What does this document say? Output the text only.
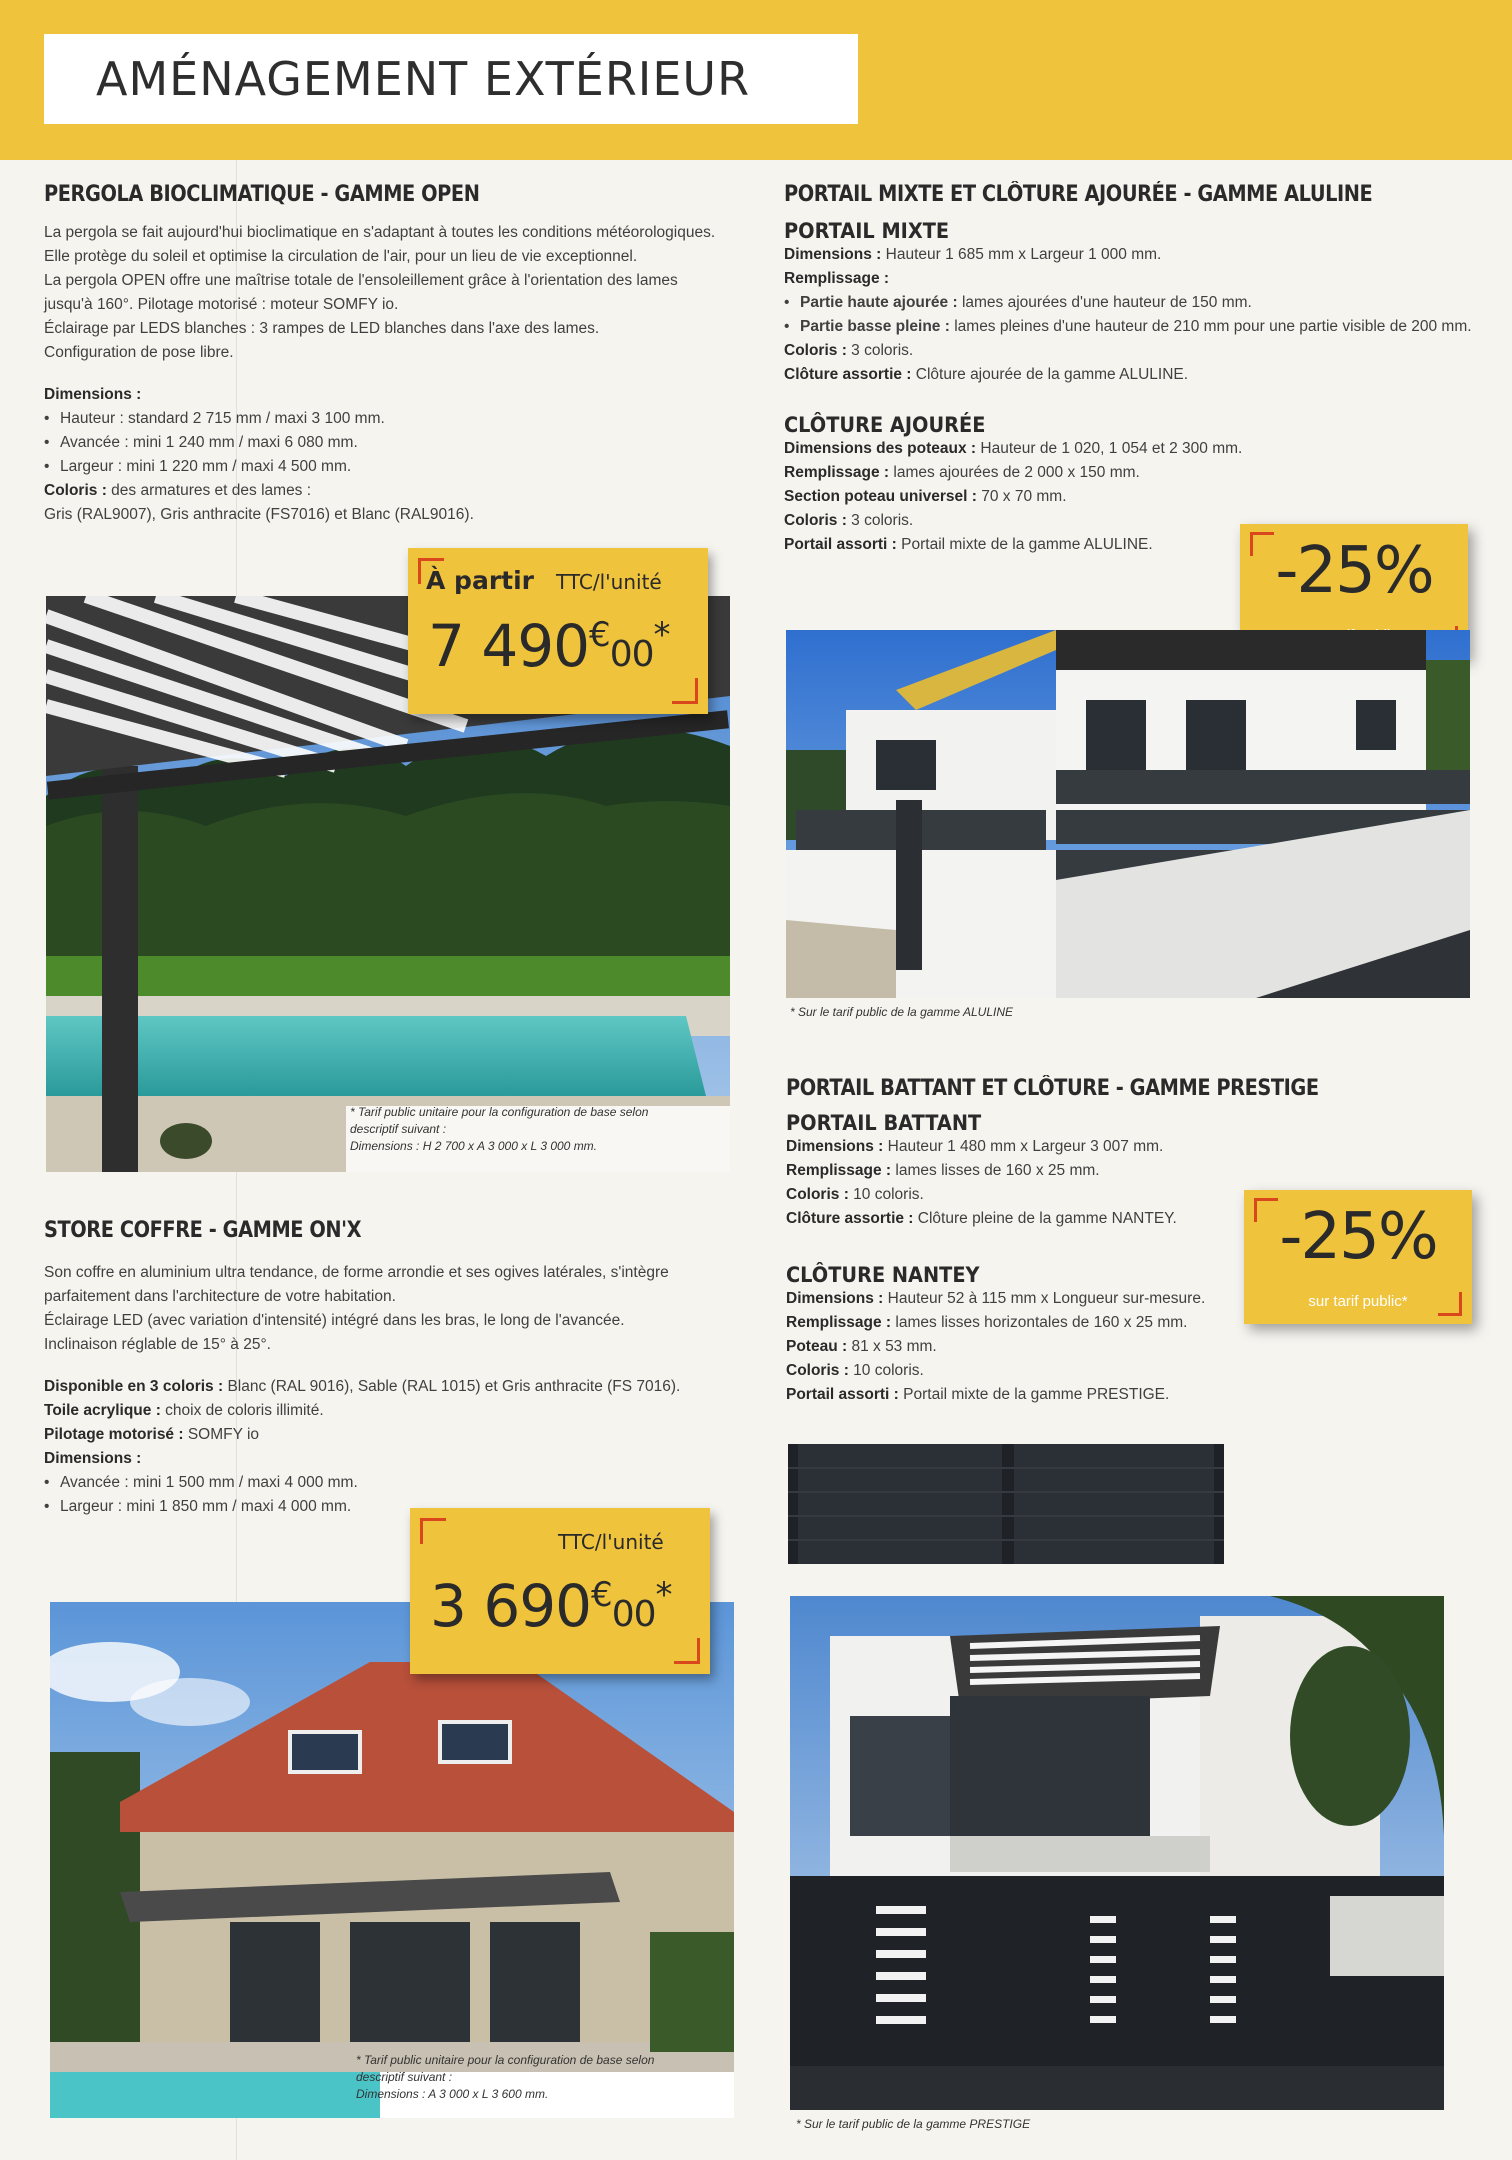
AMÉNAGEMENT EXTÉRIEUR
PERGOLA BIOCLIMATIQUE - GAMME OPEN
La pergola se fait aujourd'hui bioclimatique en s'adaptant à toutes les conditions météorologiques.
Elle protège du soleil et optimise la circulation de l'air, pour un lieu de vie exceptionnel.
La pergola OPEN offre une maîtrise totale de l'ensoleillement grâce à l'orientation des lames
jusqu'à 160°. Pilotage motorisé : moteur SOMFY io.
Éclairage par LEDS blanches : 3 rampes de LED blanches dans l'axe des lames.
Configuration de pose libre.
Dimensions :
• Hauteur : standard 2 715 mm / maxi 3 100 mm.
• Avancée : mini 1 240 mm / maxi 6 080 mm.
• Largeur : mini 1 220 mm / maxi 4 500 mm.
Coloris : des armatures et des lames :
Gris (RAL9007), Gris anthracite (FS7016) et Blanc (RAL9016).
À partir TTC/l'unité
7 490€00*
* Tarif public unitaire pour la configuration de base selon
descriptif suivant :
Dimensions : H 2 700 x A 3 000 x L 3 000 mm.
STORE COFFRE - GAMME ON'X
Son coffre en aluminium ultra tendance, de forme arrondie et ses ogives latérales, s'intègre
parfaitement dans l'architecture de votre habitation.
Éclairage LED (avec variation d'intensité) intégré dans les bras, le long de l'avancée.
Inclinaison réglable de 15° à 25°.
Disponible en 3 coloris : Blanc (RAL 9016), Sable (RAL 1015) et Gris anthracite (FS 7016).
Toile acrylique : choix de coloris illimité.
Pilotage motorisé : SOMFY io
Dimensions :
• Avancée : mini 1 500 mm / maxi 4 000 mm.
• Largeur : mini 1 850 mm / maxi 4 000 mm.
TTC/l'unité
3 690€00*
* Tarif public unitaire pour la configuration de base selon
descriptif suivant :
Dimensions : A 3 000 x L 3 600 mm.
PORTAIL MIXTE ET CLÔTURE AJOURÉE - GAMME ALULINE
PORTAIL MIXTE
Dimensions : Hauteur 1 685 mm x Largeur 1 000 mm.
Remplissage :
• Partie haute ajourée : lames ajourées d'une hauteur de 150 mm.
• Partie basse pleine : lames pleines d'une hauteur de 210 mm pour une partie visible de 200 mm.
Coloris : 3 coloris.
Clôture assortie : Clôture ajourée de la gamme ALULINE.
CLÔTURE AJOURÉE
Dimensions des poteaux : Hauteur de 1 020, 1 054 et 2 300 mm.
Remplissage : lames ajourées de 2 000 x 150 mm.
Section poteau universel : 70 x 70 mm.
Coloris : 3 coloris.
Portail assorti : Portail mixte de la gamme ALULINE.	-25%
* Sur le tarif public de la gamme ALULINE
PORTAIL BATTANT ET CLÔTURE - GAMME PRESTIGE
PORTAIL BATTANT
Dimensions : Hauteur 1 480 mm x Largeur 3 007 mm.
Remplissage : lames lisses de 160 x 25 mm.
Coloris : 10 coloris.
Clôture assortie : Clôture pleine de la gamme NANTEY.
CLÔTURE NANTEY
Dimensions : Hauteur 52 à 115 mm x Longueur sur-mesure.
Remplissage : lames lisses horizontales de 160 x 25 mm.
Poteau : 81 x 53 mm.
Coloris : 10 coloris.
Portail assorti : Portail mixte de la gamme PRESTIGE.
-25%
sur tarif public*
* Sur le tarif public de la gamme PRESTIGE
